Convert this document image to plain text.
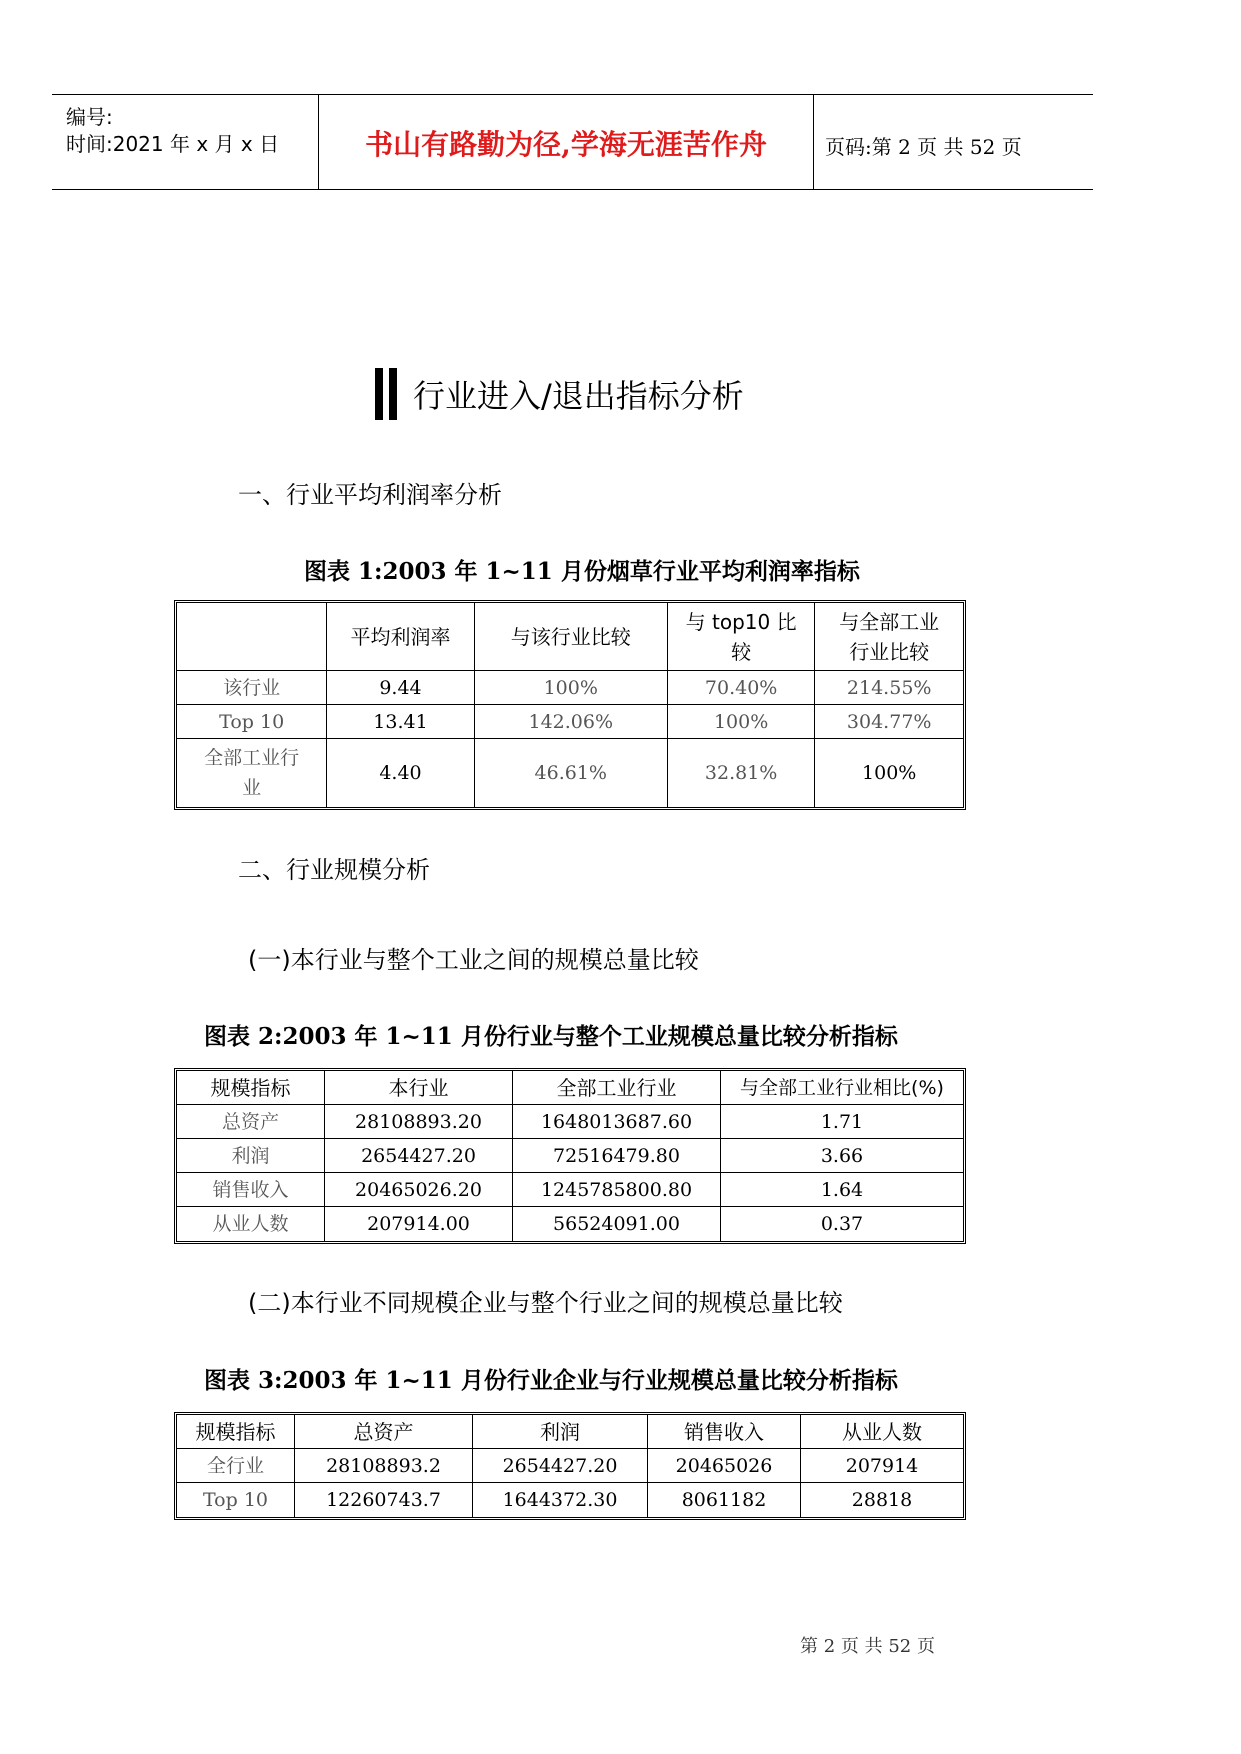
编号:
时间:2021 年 x 月 x 日	书山有路勤为径,学海无涯苦作舟	页码:第 2 页 共 52 页
行业进入/退出指标分析
一、行业平均利润率分析
图表 1:2003 年 1~11 月份烟草行业平均利润率指标
	平均利润率	与该行业比较	与 top10 比较	与全部工业行业比较
该行业	9.44	100%	70.40%	214.55%
Top 10	13.41	142.06%	100%	304.77%
全部工业行业	4.40	46.61%	32.81%	100%
二、行业规模分析
(一)本行业与整个工业之间的规模总量比较
图表 2:2003 年 1~11 月份行业与整个工业规模总量比较分析指标
规模指标	本行业	全部工业行业	与全部工业行业相比(%)
总资产	28108893.20	1648013687.60	1.71
利润	2654427.20	72516479.80	3.66
销售收入	20465026.20	1245785800.80	1.64
从业人数	207914.00	56524091.00	0.37
(二)本行业不同规模企业与整个行业之间的规模总量比较
图表 3:2003 年 1~11 月份行业企业与行业规模总量比较分析指标
规模指标	总资产	利润	销售收入	从业人数
全行业	28108893.2	2654427.20	20465026	207914
Top 10	12260743.7	1644372.30	8061182	28818
第 2 页 共 52 页
